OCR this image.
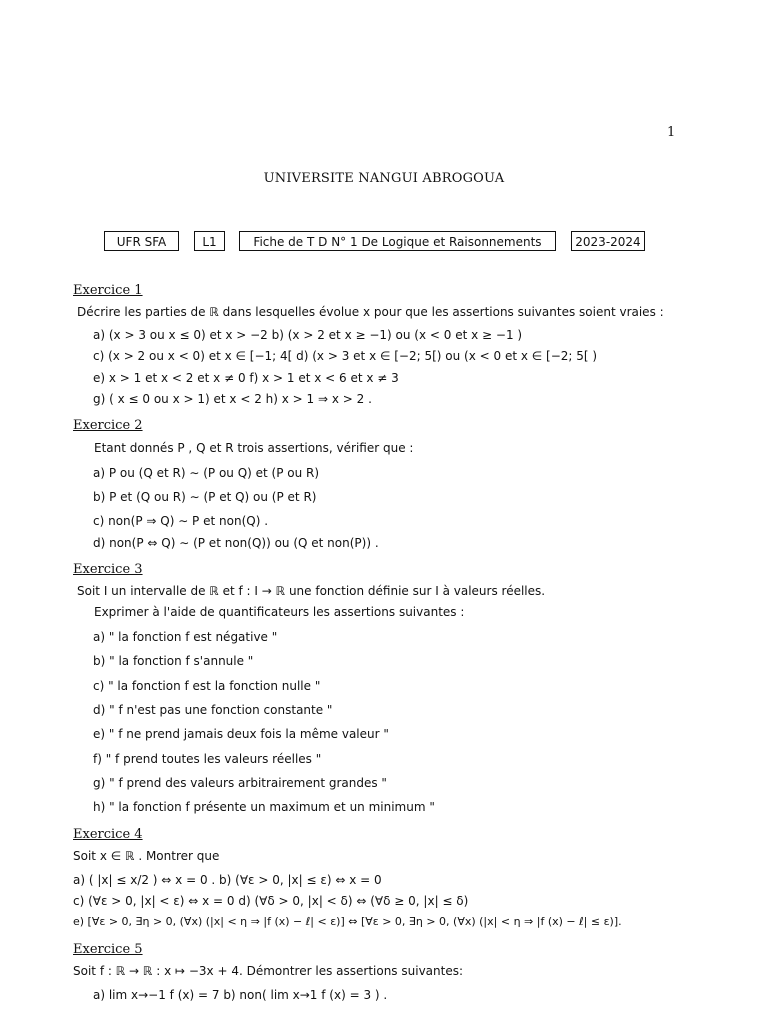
1
UNIVERSITE NANGUI ABROGOUA
UFR SFA	L1	Fiche de T D N° 1 De Logique et Raisonnements	2023-2024
Exercice 1
Décrire les parties de ℝ dans lesquelles évolue x pour que les assertions suivantes soient vraies :
a) (x > 3 ou x ≤ 0) et x > −2 b) (x > 2 et x ≥ −1) ou (x < 0 et x ≥ −1 )
c) (x > 2 ou x < 0) et x ∈ [−1; 4[ d) (x > 3 et x ∈ [−2; 5[) ou (x < 0 et x ∈ [−2; 5[ )
e) x > 1 et x < 2 et x ≠ 0 f) x > 1 et x < 6 et x ≠ 3
g) ( x ≤ 0 ou x > 1) et x < 2 h) x > 1 ⇒ x > 2 .
Exercice 2
Etant donnés P , Q et R trois assertions, vérifier que :
a) P ou (Q et R) ∼ (P ou Q) et (P ou R)
b) P et (Q ou R) ∼ (P et Q) ou (P et R)
c) non(P ⇒ Q) ∼ P et non(Q) .
d) non(P ⇔ Q) ∼ (P et non(Q)) ou (Q et non(P)) .
Exercice 3
Soit I un intervalle de ℝ et f : I → ℝ une fonction définie sur I à valeurs réelles.
Exprimer à l'aide de quantificateurs les assertions suivantes :
a) " la fonction f est négative "
b) " la fonction f s'annule "
c) " la fonction f est la fonction nulle "
d) " f n'est pas une fonction constante "
e) " f ne prend jamais deux fois la même valeur "
f) " f prend toutes les valeurs réelles "
g) " f prend des valeurs arbitrairement grandes "
h) " la fonction f présente un maximum et un minimum "
Exercice 4
Soit x ∈ ℝ . Montrer que
a) ( |x| ≤ x/2 ) ⇔ x = 0 . b) (∀ε > 0, |x| ≤ ε) ⇔ x = 0
c) (∀ε > 0, |x| < ε) ⇔ x = 0 d) (∀δ > 0, |x| < δ) ⇔ (∀δ ≥ 0, |x| ≤ δ)
e) [∀ε > 0, ∃η > 0, (∀x) (|x| < η ⇒ |f (x) − ℓ| < ε)] ⇔ [∀ε > 0, ∃η > 0, (∀x) (|x| < η ⇒ |f (x) − ℓ| ≤ ε)].
Exercice 5
Soit f : ℝ → ℝ : x ↦ −3x + 4. Démontrer les assertions suivantes:
a) lim x→−1 f (x) = 7 b) non( lim x→1 f (x) = 3 ) .
